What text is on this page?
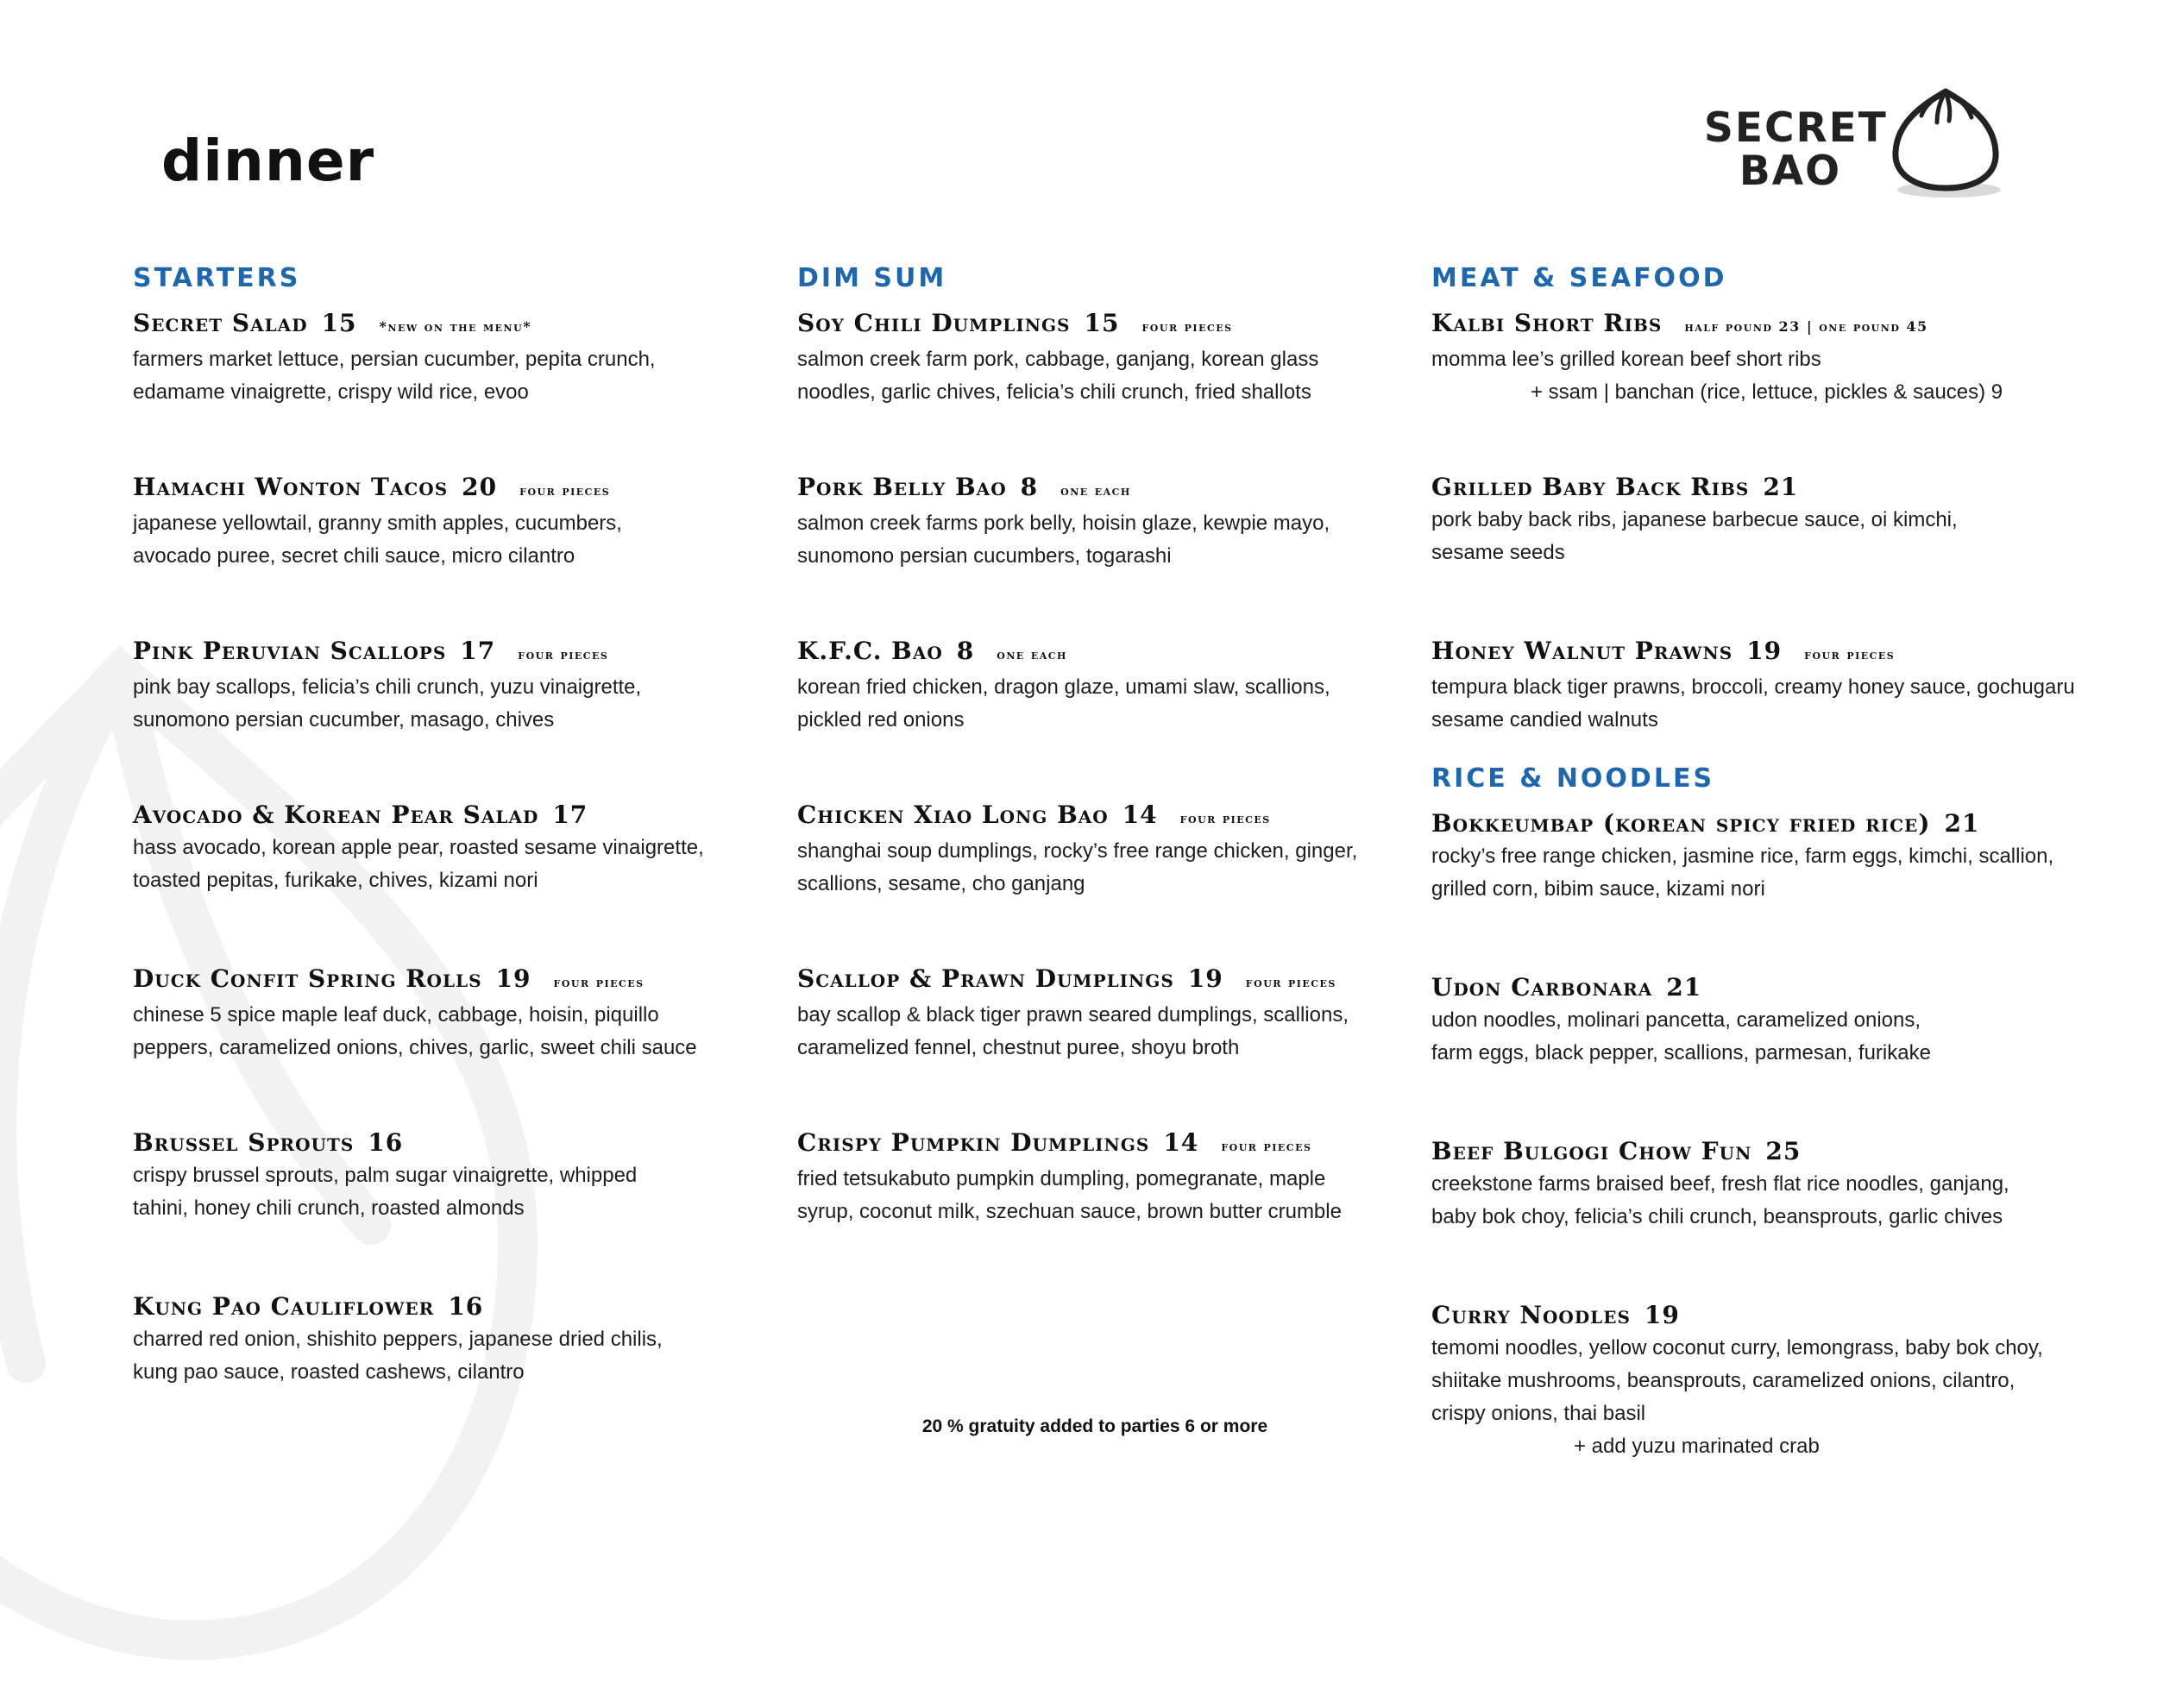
dinner	SECRET
BAO
STARTERS
Secret Salad 15 *new on the menu*
farmers market lettuce, persian cucumber, pepita crunch,
edamame vinaigrette, crispy wild rice, evoo
Hamachi Wonton Tacos 20 four pieces
japanese yellowtail, granny smith apples, cucumbers,
avocado puree, secret chili sauce, micro cilantro
Pink Peruvian Scallops 17 four pieces
pink bay scallops, felicia’s chili crunch, yuzu vinaigrette,
sunomono persian cucumber, masago, chives
Avocado & Korean Pear Salad 17
hass avocado, korean apple pear, roasted sesame vinaigrette,
toasted pepitas, furikake, chives, kizami nori
Duck Confit Spring Rolls 19 four pieces
chinese 5 spice maple leaf duck, cabbage, hoisin, piquillo
peppers, caramelized onions, chives, garlic, sweet chili sauce
Brussel Sprouts 16
crispy brussel sprouts, palm sugar vinaigrette, whipped
tahini, honey chili crunch, roasted almonds
Kung Pao Cauliflower 16
charred red onion, shishito peppers, japanese dried chilis,
kung pao sauce, roasted cashews, cilantro
DIM SUM
Soy Chili Dumplings 15 four pieces
salmon creek farm pork, cabbage, ganjang, korean glass
noodles, garlic chives, felicia’s chili crunch, fried shallots
Pork Belly Bao 8 one each
salmon creek farms pork belly, hoisin glaze, kewpie mayo,
sunomono persian cucumbers, togarashi
K.F.C. Bao 8 one each
korean fried chicken, dragon glaze, umami slaw, scallions,
pickled red onions
Chicken Xiao Long Bao 14 four pieces
shanghai soup dumplings, rocky’s free range chicken, ginger,
scallions, sesame, cho ganjang
Scallop & Prawn Dumplings 19 four pieces
bay scallop & black tiger prawn seared dumplings, scallions,
caramelized fennel, chestnut puree, shoyu broth
Crispy Pumpkin Dumplings 14 four pieces
fried tetsukabuto pumpkin dumpling, pomegranate, maple
syrup, coconut milk, szechuan sauce, brown butter crumble
MEAT & SEAFOOD
Kalbi Short Ribs half pound 23 | one pound 45
momma lee’s grilled korean beef short ribs
+ ssam | banchan (rice, lettuce, pickles & sauces) 9
Grilled Baby Back Ribs 21
pork baby back ribs, japanese barbecue sauce, oi kimchi,
sesame seeds
Honey Walnut Prawns 19 four pieces
tempura black tiger prawns, broccoli, creamy honey sauce, gochugaru
sesame candied walnuts
RICE & NOODLES
Bokkeumbap (korean spicy fried rice) 21
rocky’s free range chicken, jasmine rice, farm eggs, kimchi, scallion,
grilled corn, bibim sauce, kizami nori
Udon Carbonara 21
udon noodles, molinari pancetta, caramelized onions,
farm eggs, black pepper, scallions, parmesan, furikake
Beef Bulgogi Chow Fun 25
creekstone farms braised beef, fresh flat rice noodles, ganjang,
baby bok choy, felicia’s chili crunch, beansprouts, garlic chives
Curry Noodles 19
temomi noodles, yellow coconut curry, lemongrass, baby bok choy,
shiitake mushrooms, beansprouts, caramelized onions, cilantro,
crispy onions, thai basil
+ add yuzu marinated crab
20 % gratuity added to parties 6 or more
